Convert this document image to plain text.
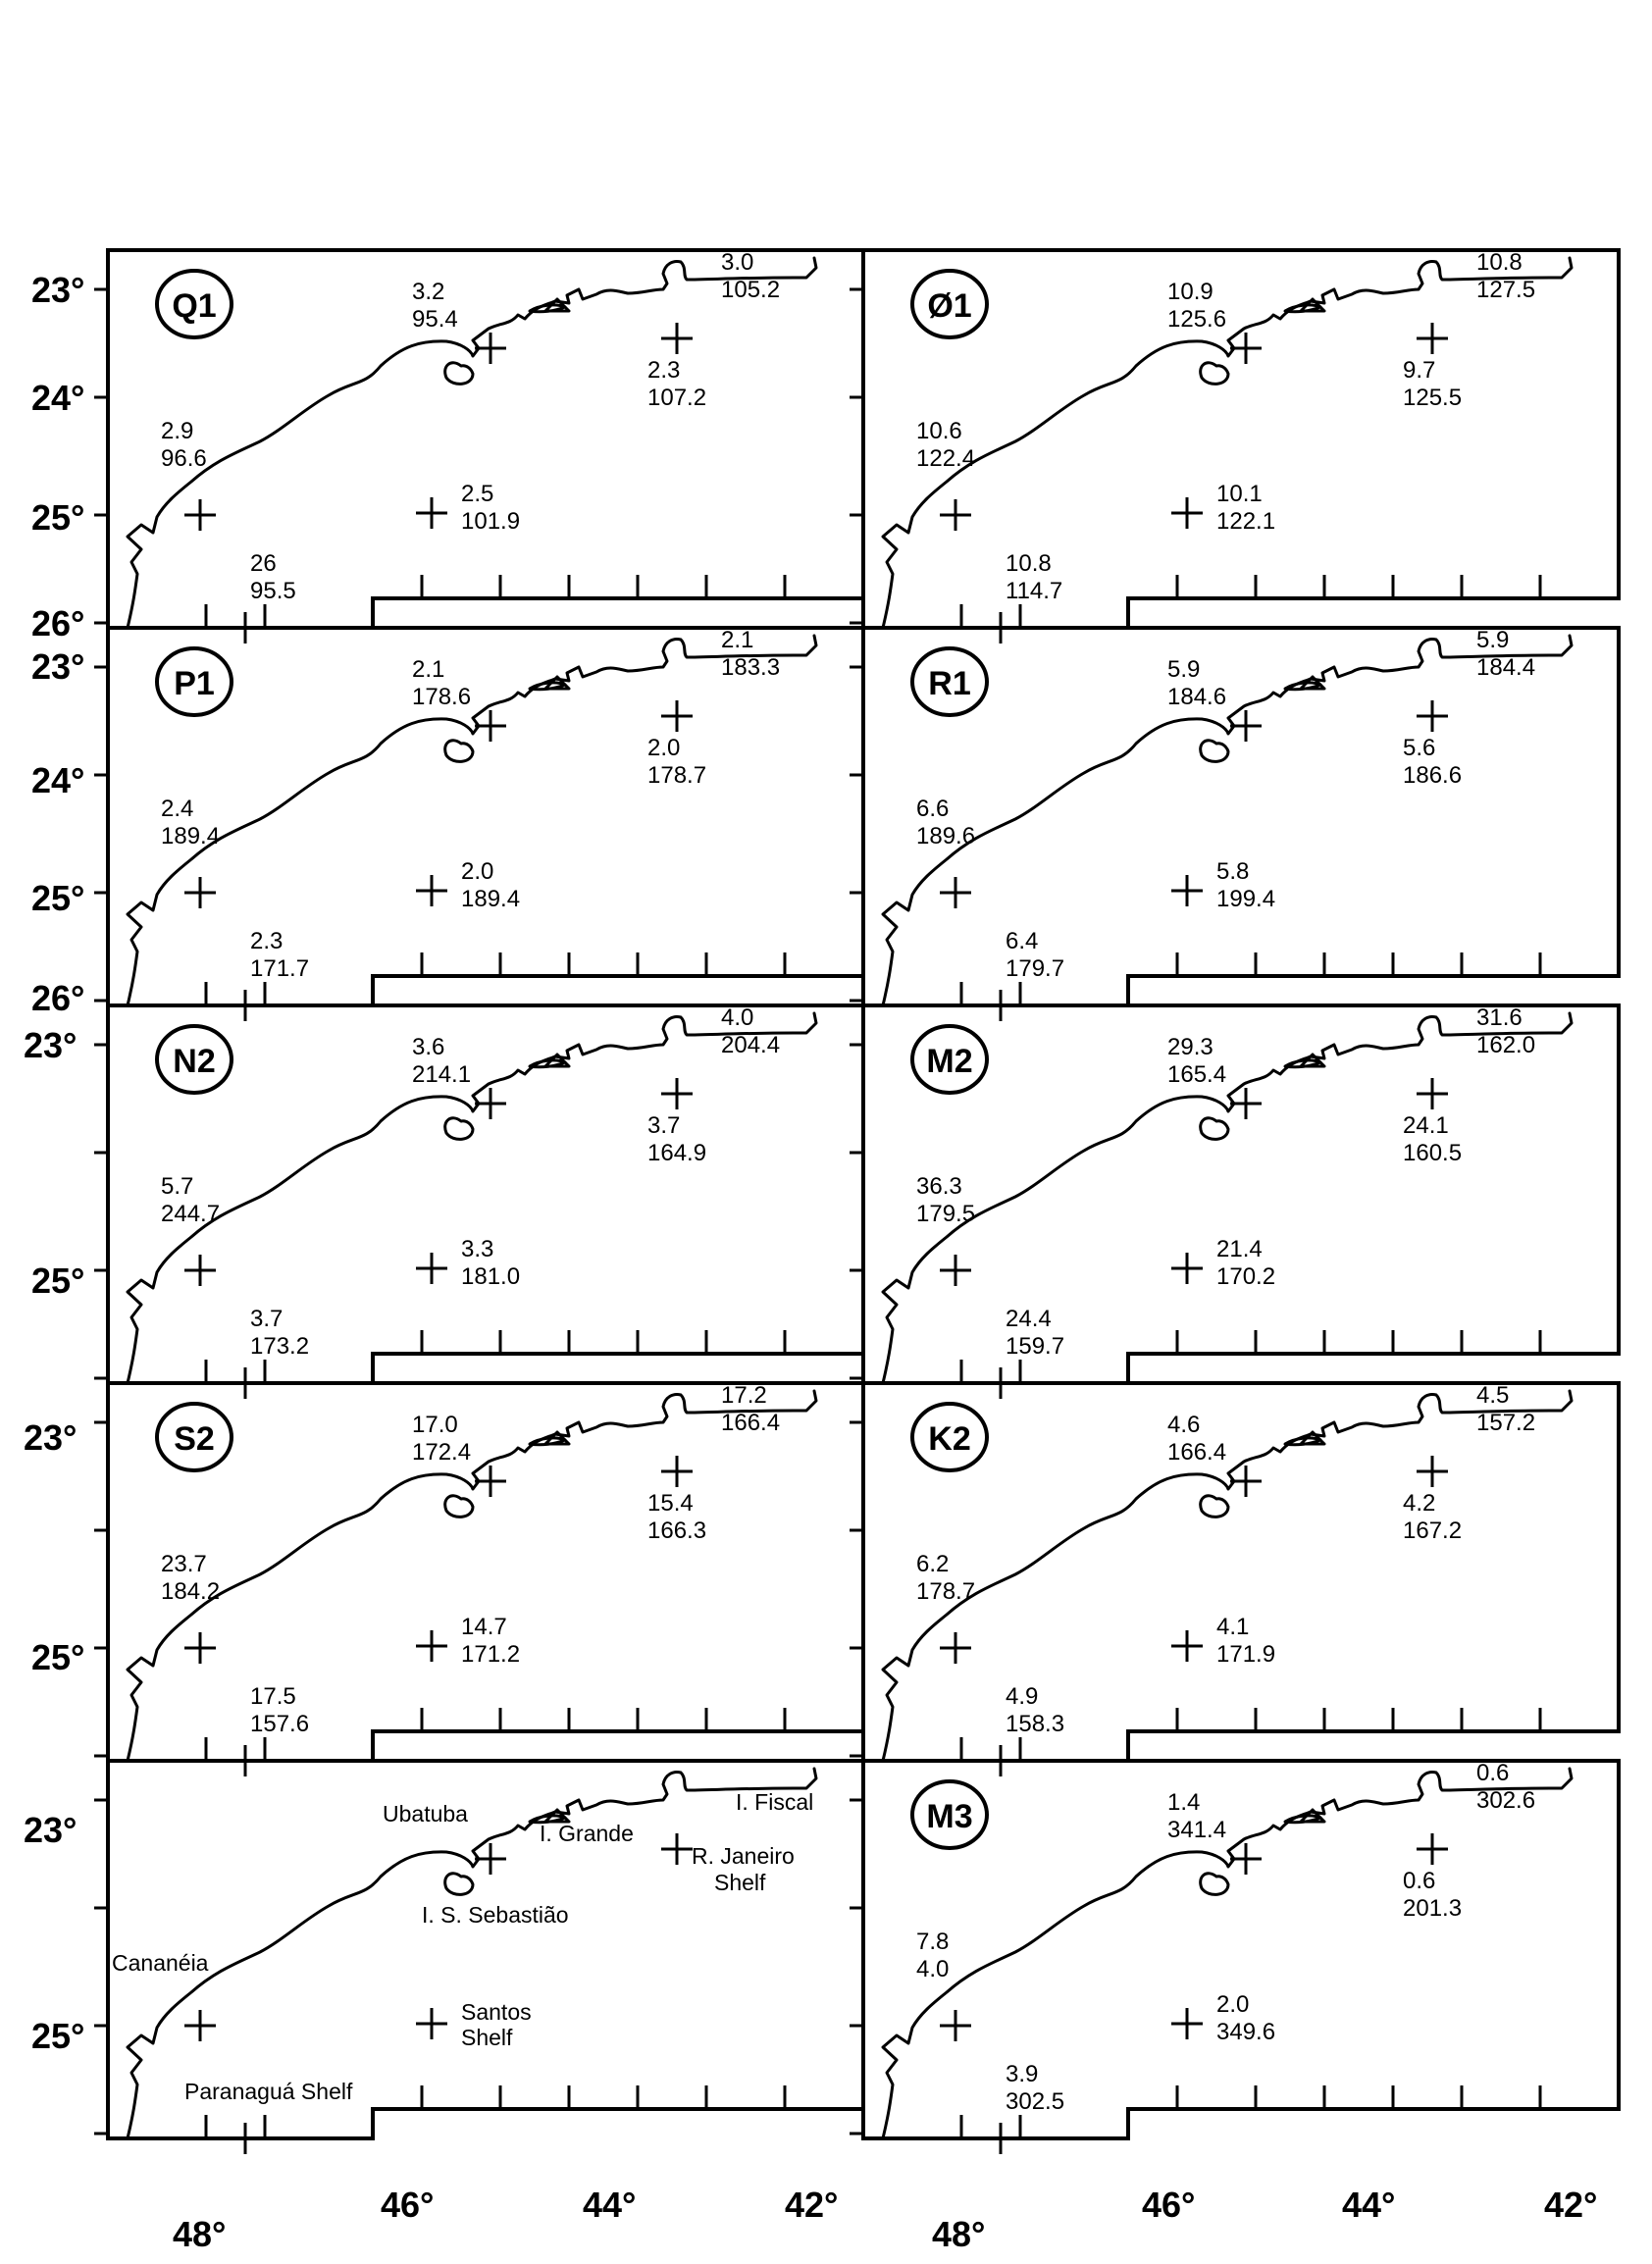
23°
24°
25°
26°
23°
24°
25°
26°
23°
25°
23°
25°
23°
25°
48°
46°	44°	42°
48°
46°	44°	42°
Q1	3.2
95.4
2.3
107.2
3.0
105.2
2.9
96.6
2.5
101.9
26
95.5
Ø1	10.9
125.6
9.7
125.5
10.8
127.5
10.6
122.4
10.1
122.1
10.8
114.7
P1	2.1
178.6
2.0
178.7
2.1
183.3
2.4
189.4
2.0
189.4
2.3
171.7
R1	5.9
184.6
5.6
186.6
5.9
184.4
6.6
189.6
5.8
199.4
6.4
179.7
N2	3.6
214.1
3.7
164.9
4.0
204.4
5.7
244.7
3.3
181.0
3.7
173.2
M2	29.3
165.4
24.1
160.5
31.6
162.0
36.3
179.5
21.4
170.2
24.4
159.7
S2	17.0
172.4
15.4
166.3
17.2
166.4
23.7
184.2
14.7
171.2
17.5
157.6
K2	4.6
166.4
4.2
167.2
4.5
157.2
6.2
178.7
4.1
171.9
4.9
158.3
Ubatuba
I. Grande
I. Fiscal
R. Janeiro
Shelf
I. S. Sebastião
Cananéia
Santos
Shelf
Paranaguá Shelf
M3	1.4
341.4
0.6
201.3
0.6
302.6
7.8
4.0
2.0
349.6
3.9
302.5
